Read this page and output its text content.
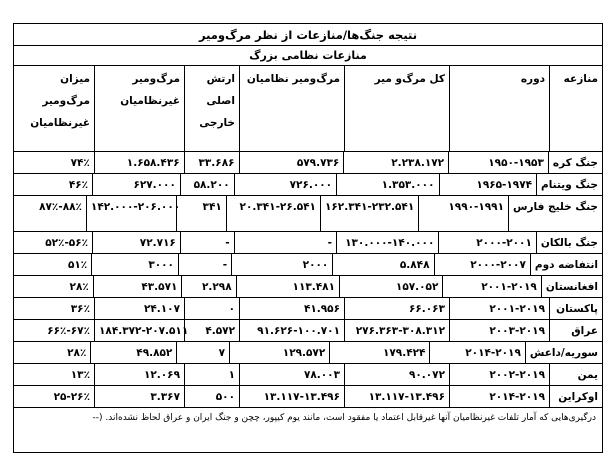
نتیجه جنگ‌ها/منازعات از نظر مرگ‌ومیر
منازعات نظامی بزرگ
منازعه
دوره
کل مرگ‌و میر
مرگ‌ومیر نظامیان
ارتش اصلی خارجی
مرگ‌ومیر غیرنظامیان
میزان مرگ‌ومیر غیرنظامیان
جنگ کره
۱۹۵۰-۱۹۵۳
۲.۲۳۸.۱۷۲
۵۷۹.۷۳۶
۳۳.۶۸۶
۱.۶۵۸.۴۳۶
۷۴٪
جنگ ویتنام
۱۹۶۵-۱۹۷۴
۱.۳۵۳.۰۰۰
۷۲۶.۰۰۰
۵۸.۲۰۰
۶۲۷.۰۰۰
۴۶٪
جنگ خلیج فارس
۱۹۹۰-۱۹۹۱
۱۶۲.۳۴۱-۲۳۲.۵۴۱
۲۰.۳۴۱-۲۶.۵۴۱
۳۴۱
۱۴۲.۰۰۰-۲۰۶.۰۰۰
۸۷٪-۸۸٪
جنگ بالکان
۲۰۰۰-۲۰۰۱
۱۳۰.۰۰۰-۱۴۰.۰۰۰
-
-
۷۲.۷۱۶
۵۲٪-۵۶٪
انتفاضه دوم
۲۰۰۰-۲۰۰۷
۵.۸۴۸
۲۰۰۰
-
۳۰۰۰
۵۱٪
افغانستان
۲۰۰۱-۲۰۱۹
۱۵۷.۰۵۲
۱۱۳.۴۸۱
۲.۲۹۸
۴۳.۵۷۱
۲۸٪
پاکستان
۲۰۰۱-۲۰۱۹
۶۶.۰۶۳
۴۱.۹۵۶
۰
۲۴.۱۰۷
۳۶٪
عراق
۲۰۰۳-۲۰۱۹
۲۷۶.۳۶۳-۳۰۸.۳۱۲
۹۱.۶۲۶-۱۰۰.۷۰۱
۴.۵۷۲
۱۸۴.۳۷۲-۲۰۷.۵۱۱
۶۶٪-۶۷٪
سوریه/داعش
۲۰۱۴-۲۰۱۹
۱۷۹.۴۲۴
۱۲۹.۵۷۲
۷
۴۹.۸۵۲
۲۸٪
یمن
۲۰۰۲-۲۰۱۹
۹۰.۰۷۲
۷۸.۰۰۳
۱
۱۲.۰۶۹
۱۳٪
اوکراین
۲۰۱۴-۲۰۱۹
۱۳.۱۱۷-۱۳.۴۹۶
۱۳.۱۱۷-۱۳.۴۹۶
۵۰۰
۳.۳۶۷
۲۵-۲۶٪
درگیری‌هایی که آمار تلفات غیرنظامیان آنها غیرقابل اعتماد یا مفقود است، مانند یوم کیپور، چچن و جنگ ایران و عراق لحاظ نشده‌اند. (--
